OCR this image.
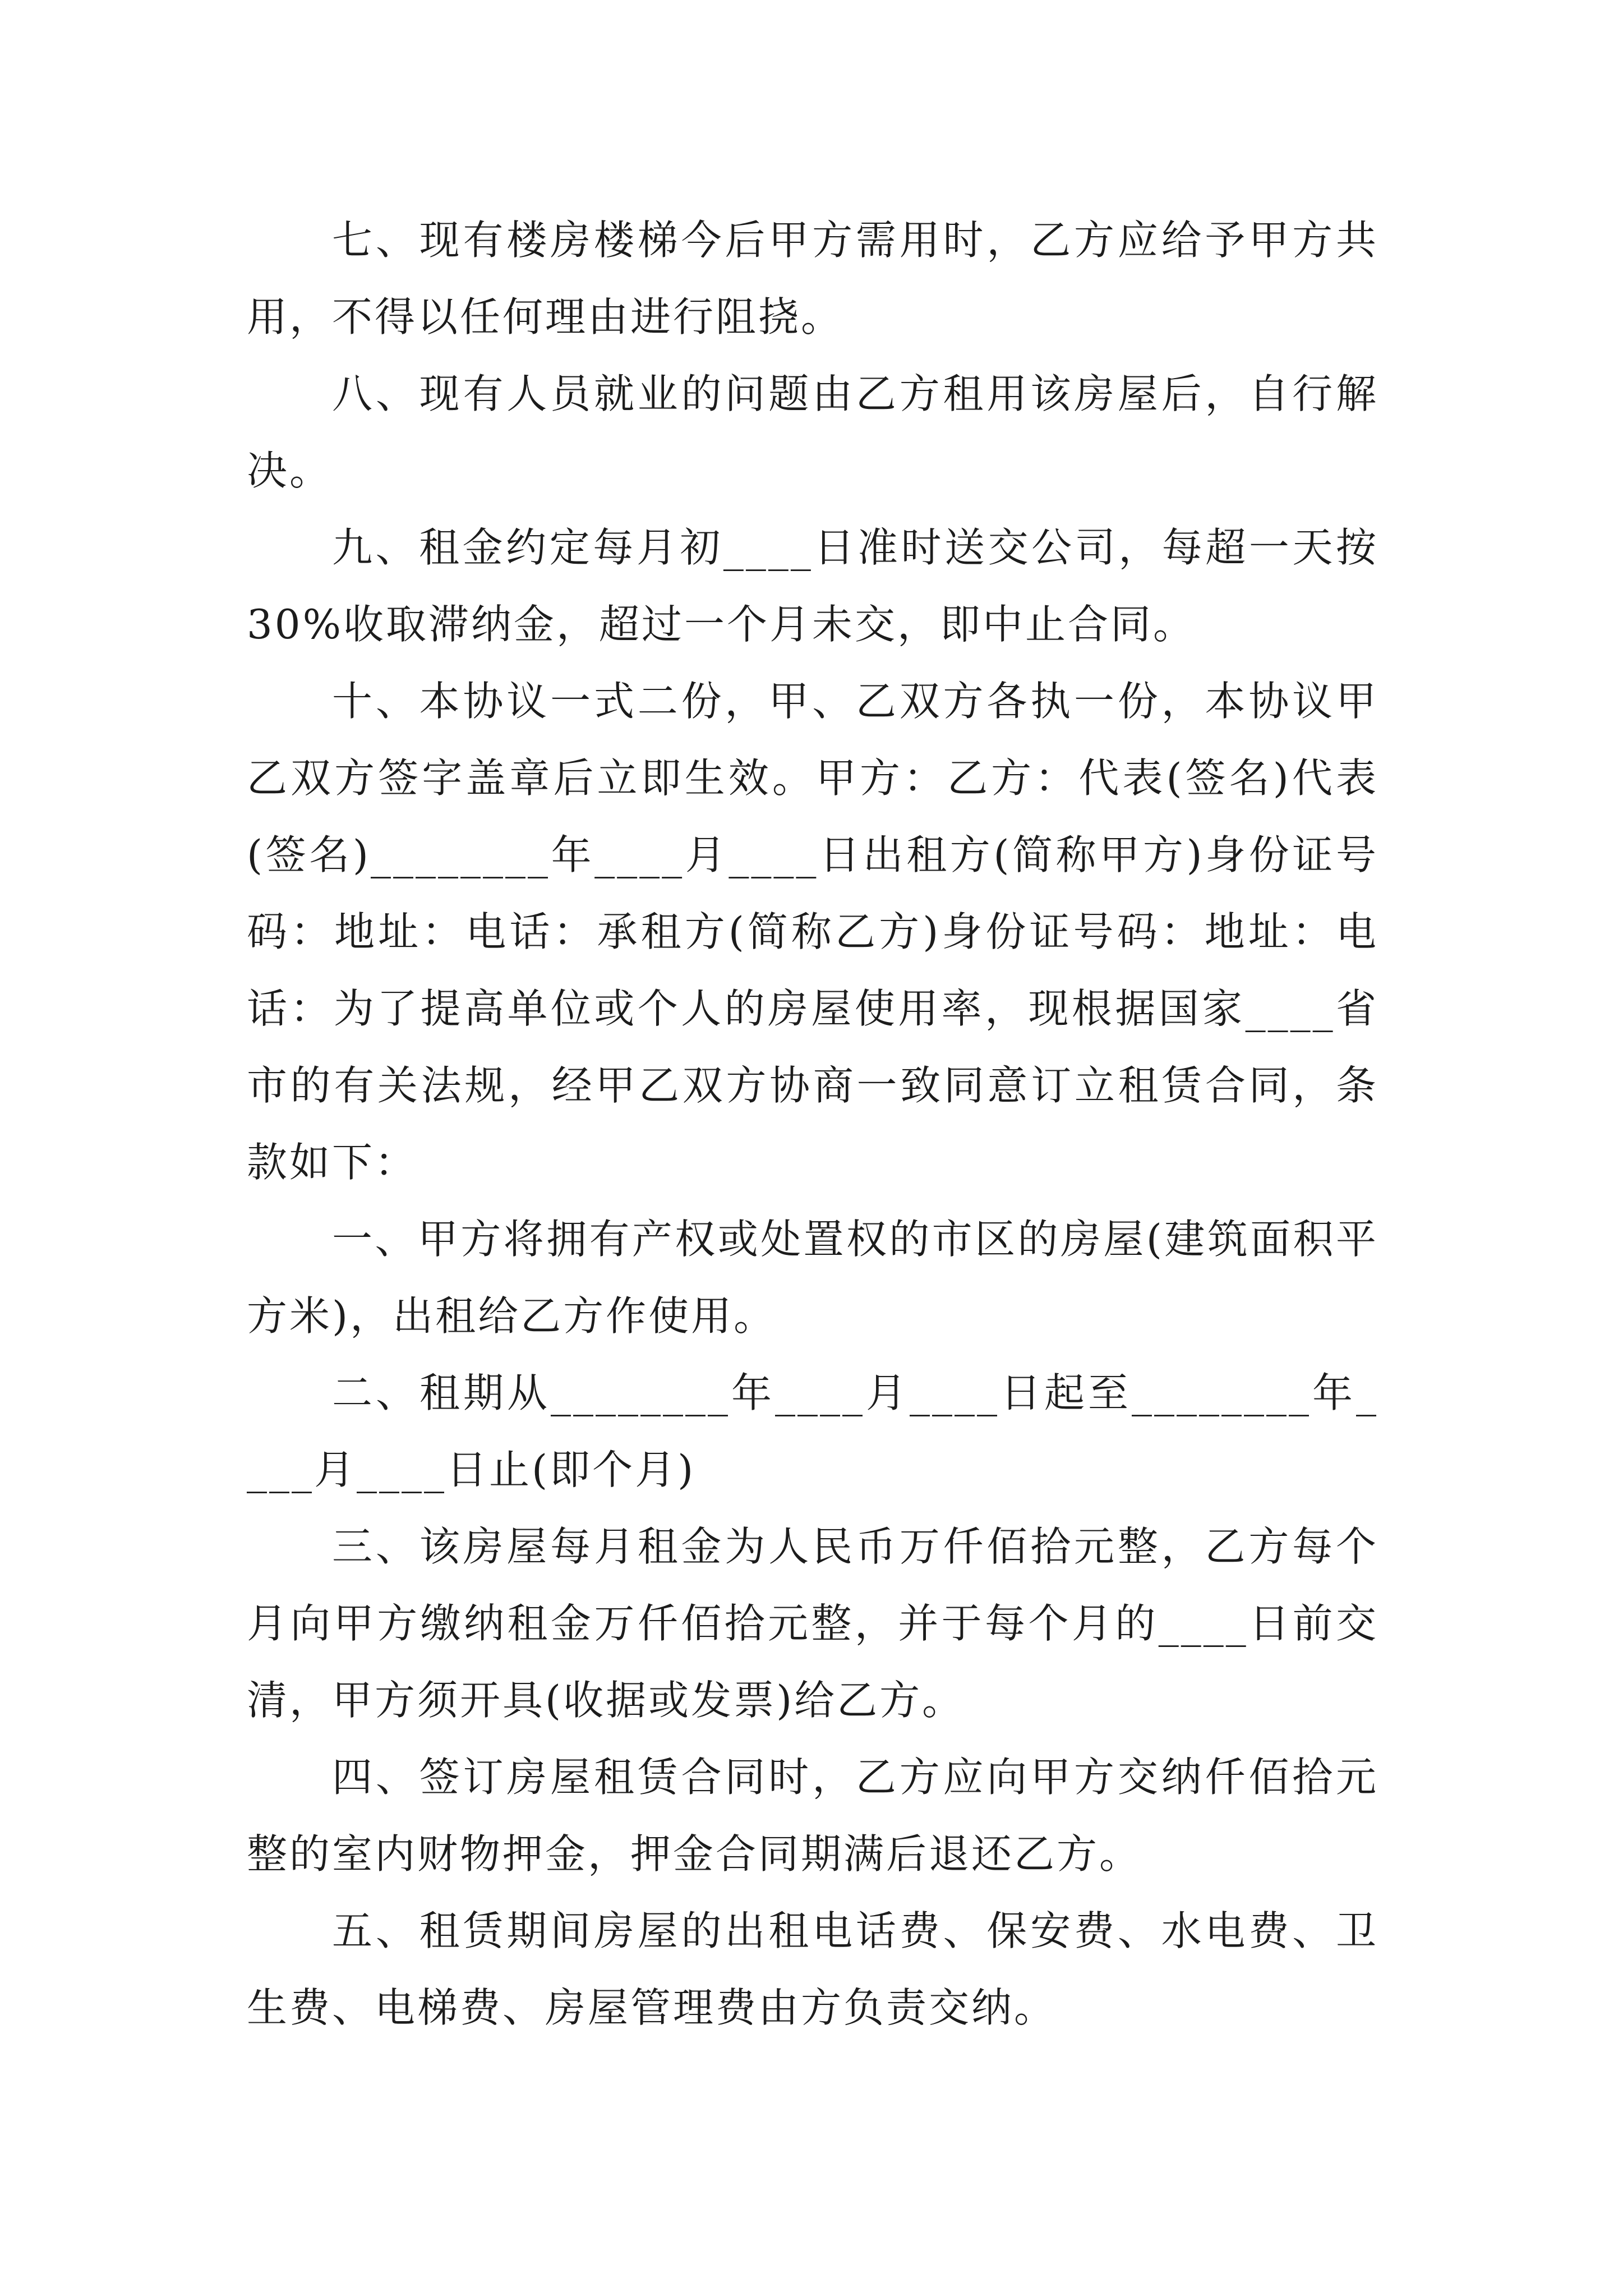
七、现有楼房楼梯今后甲方需用时，乙方应给予甲方共用，不得以任何理由进行阻挠。

八、现有人员就业的问题由乙方租用该房屋后，自行解决。

九、租金约定每月初____日准时送交公司，每超一天按30%收取滞纳金，超过一个月未交，即中止合同。

十、本协议一式二份，甲、乙双方各执一份，本协议甲乙双方签字盖章后立即生效。甲方：乙方：代表(签名)代表(签名)________年____月____日出租方(简称甲方)身份证号码：地址：电话：承租方(简称乙方)身份证号码：地址：电话：为了提高单位或个人的房屋使用率，现根据国家____省市的有关法规，经甲乙双方协商一致同意订立租赁合同，条款如下：

一、甲方将拥有产权或处置权的市区的房屋(建筑面积平方米)，出租给乙方作使用。

二、租期从________年____月____日起至________年____月____日止(即个月)

三、该房屋每月租金为人民币万仟佰拾元整，乙方每个月向甲方缴纳租金万仟佰拾元整，并于每个月的____日前交清，甲方须开具(收据或发票)给乙方。

四、签订房屋租赁合同时，乙方应向甲方交纳仟佰拾元整的室内财物押金，押金合同期满后退还乙方。

五、租赁期间房屋的出租电话费、保安费、水电费、卫生费、电梯费、房屋管理费由方负责交纳。
